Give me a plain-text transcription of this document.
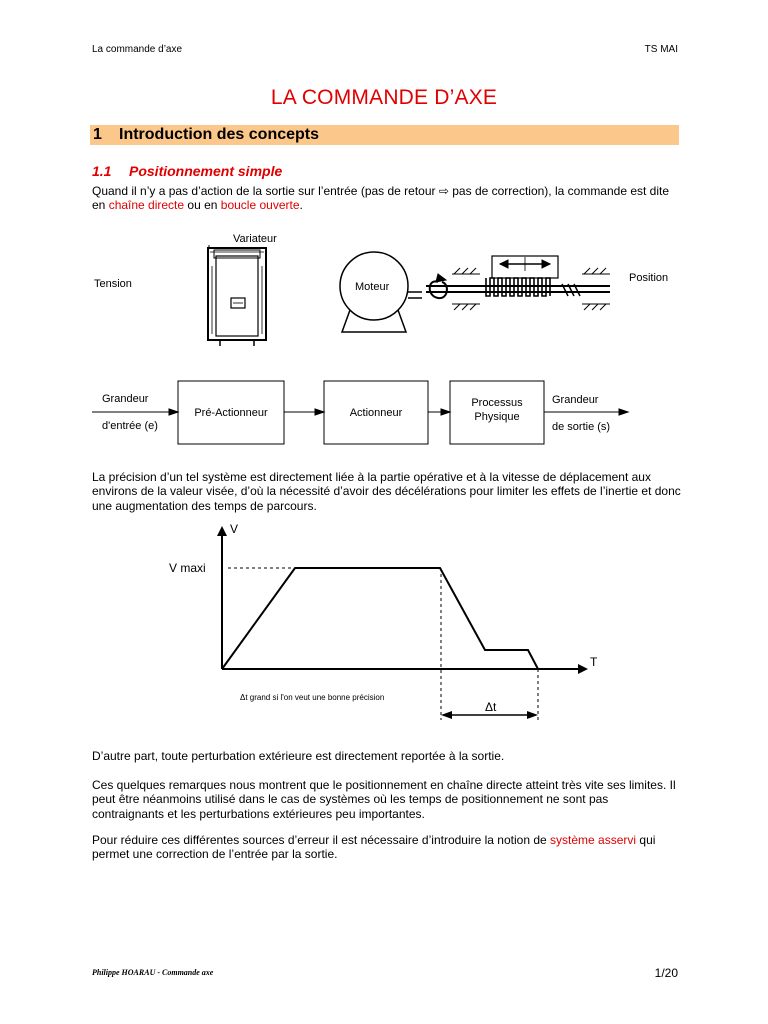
La commande d’axe	TS MAI
LA COMMANDE D’AXE
1 Introduction des concepts
1.1 Positionnement simple
Quand il n’y a pas d’action de la sortie sur l’entrée (pas de retour ⇨ pas de correction), la commande est dite en chaîne directe ou en boucle ouverte.
Variateur
Tension	Moteur
Position
Grandeur
d'entrée (e)
Pré-Actionneur	Actionneur
Processus
Physique
Grandeur
de sortie (s)
La précision d’un tel système est directement liée à la partie opérative et à la vitesse de déplacement aux environs de la valeur visée, d’où la nécessité d’avoir des décélérations pour limiter les effets de l’inertie et donc une augmentation des temps de parcours.
V
T
V maxi
Δt grand si l'on veut une bonne précision
Δt
D’autre part, toute perturbation extérieure est directement reportée à la sortie.
Ces quelques remarques nous montrent que le positionnement en chaîne directe atteint très vite ses limites. Il peut être néanmoins utilisé dans le cas de systèmes où les temps de positionnement ne sont pas contraignants et les perturbations extérieures peu importantes.
Pour réduire ces différentes sources d’erreur il est nécessaire d’introduire la notion de système asservi qui permet une correction de l’entrée par la sortie.
Philippe HOARAU - Commande axe	1/20
